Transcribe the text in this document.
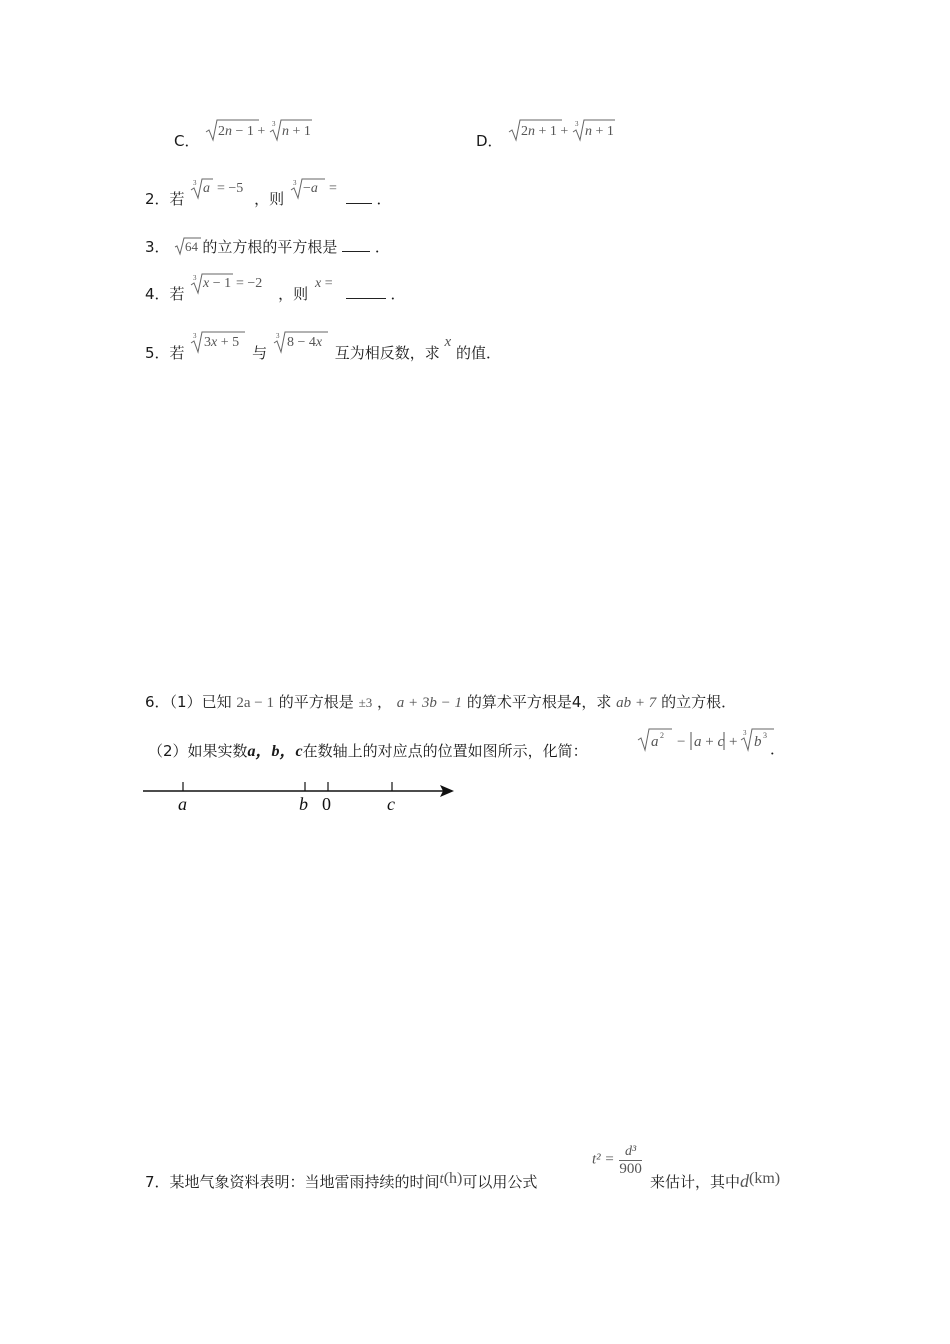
C．
2n − 1 + 3 n + 1
D．
2n + 1 + 3 n + 1
2．若
3 a = −5
，则
3 −a =
．
3． 64 的立方根的平方根是	．
4．若
3 x − 1 = −2
，则
x =
．
5．若
3 3x + 5
与
3 8 − 4x
互为相反数，求 x 的值．
6．（1）已知 2a − 1 的平方根是 ±3 ， a + 3b − 1 的算术平方根是4，求 ab + 7 的立方根．
（2）如果实数a，b，c在数轴上的对应点的位置如图所示，化简：	a 2 − a + c +
3
b 3
．
a	b 0	c
7．某地气象资料表明：当地雷雨持续的时间t(h)可以用公式
$t^2 = \frac{\text{d³}}{900}$
来估计，其中d(km)
